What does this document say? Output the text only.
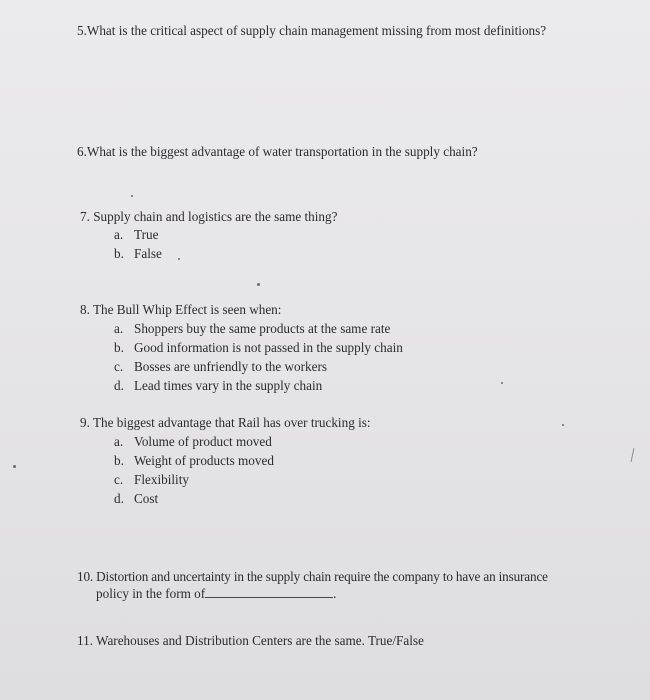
5.What is the critical aspect of supply chain management missing from most definitions?
6.What is the biggest advantage of water transportation in the supply chain?
7. Supply chain and logistics are the same thing?
a. True
b. False
8. The Bull Whip Effect is seen when:
a. Shoppers buy the same products at the same rate
b. Good information is not passed in the supply chain
c. Bosses are unfriendly to the workers
d. Lead times vary in the supply chain
9. The biggest advantage that Rail has over trucking is:
a. Volume of product moved
b. Weight of products moved
c. Flexibility
d. Cost
10. Distortion and uncertainty in the supply chain require the company to have an insurance
policy in the form of	.
11. Warehouses and Distribution Centers are the same. True/False
